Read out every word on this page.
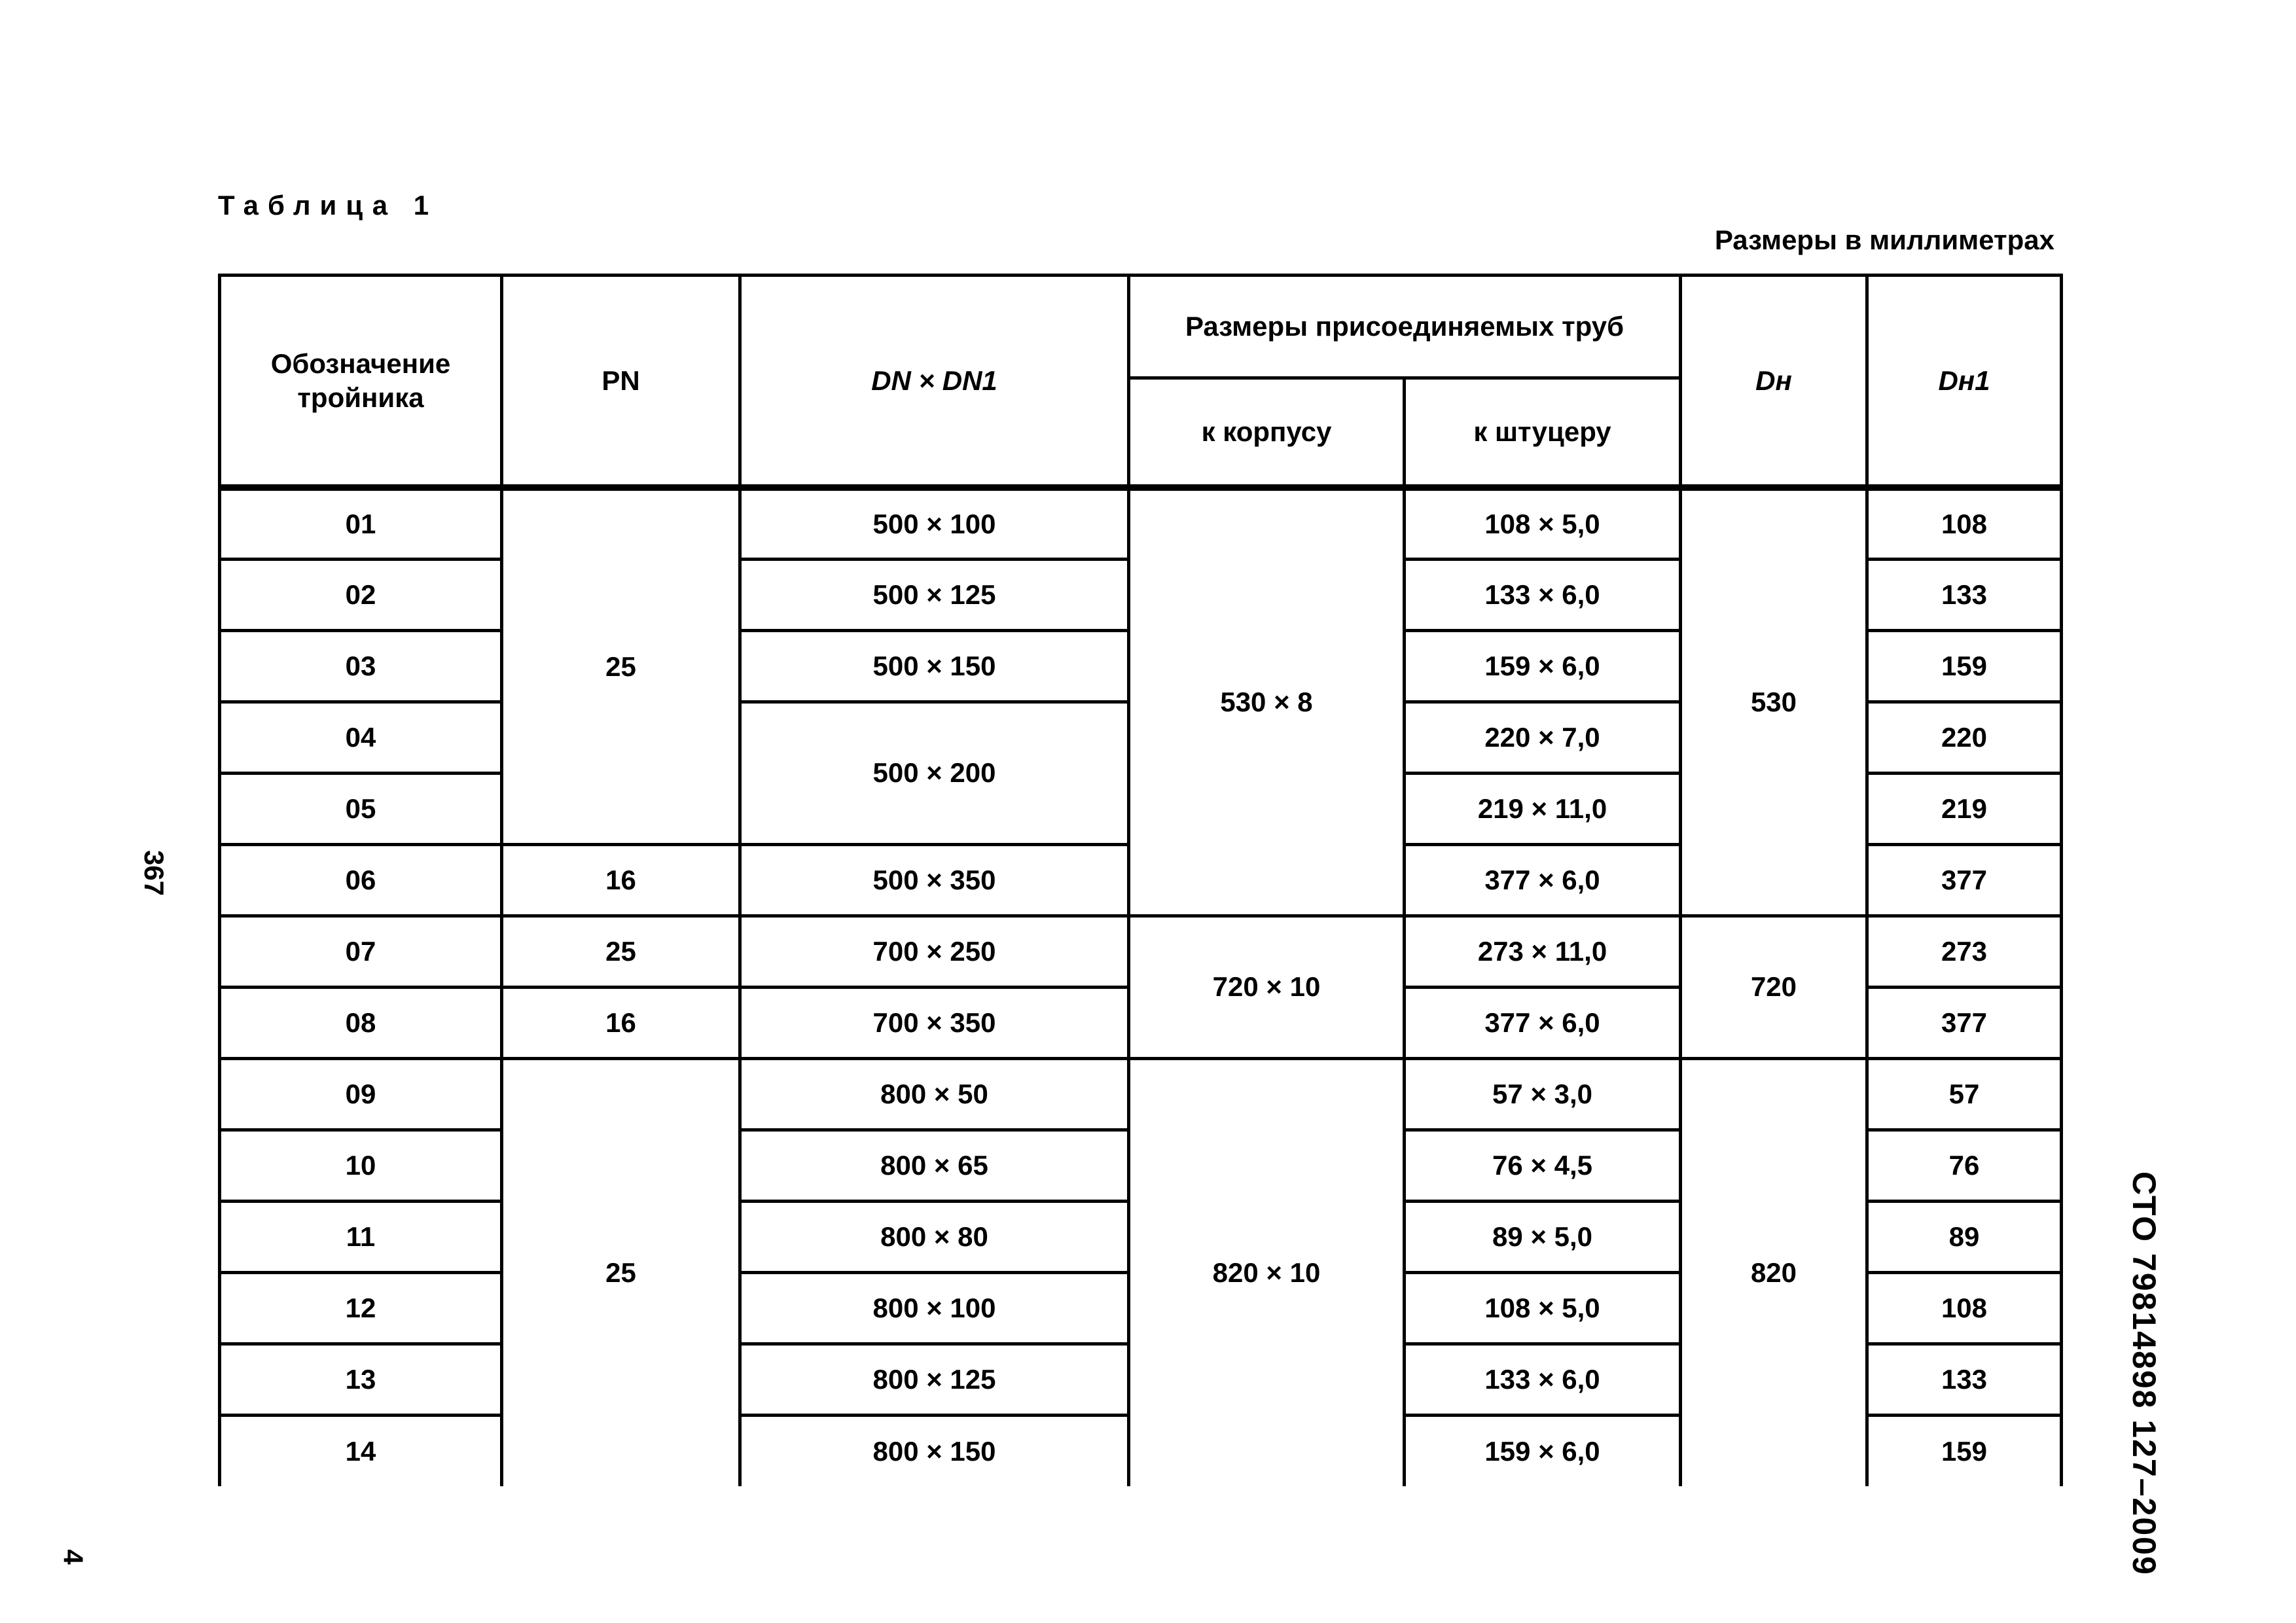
Таблица 1
Размеры в миллиметрах
367
4	СТО 79814898 127–2009
Обозначение тройника	PN	DN × DN1	Размеры присоединяемых труб		Dн	Dн1

			к корпусу	к штуцеру		

01	25	500 × 100	530 × 8	108 × 5,0	530	108
02		500 × 125		133 × 6,0		133
03		500 × 150		159 × 6,0		159
04		500 × 200		220 × 7,0		220
05				219 × 11,0		219
06	16	500 × 350		377 × 6,0		377
07	25	700 × 250	720 × 10	273 × 11,0	720	273
08	16	700 × 350		377 × 6,0		377
09	25	800 × 50	820 × 10	57 × 3,0	820	57
10		800 × 65		76 × 4,5		76
11		800 × 80		89 × 5,0		89
12		800 × 100		108 × 5,0		108
13		800 × 125		133 × 6,0		133
14		800 × 150		159 × 6,0		159
